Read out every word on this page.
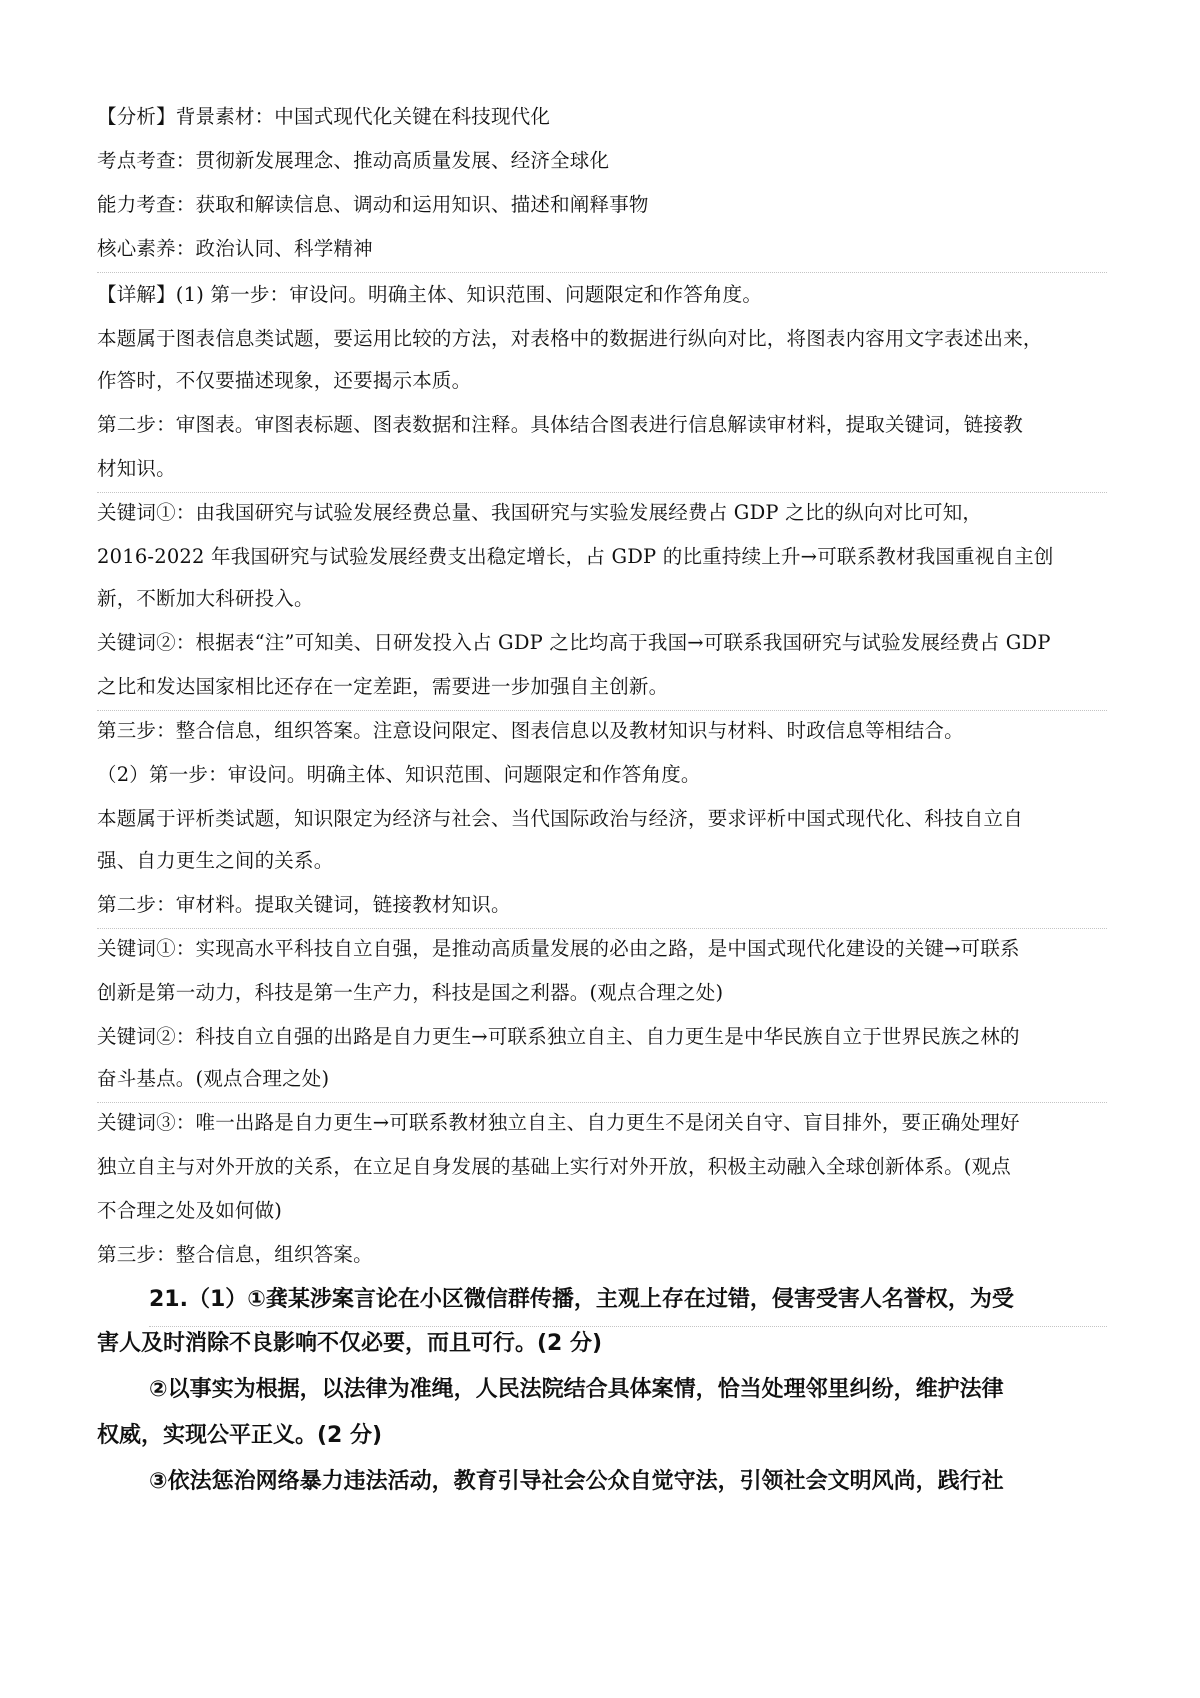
【分析】背景素材：中国式现代化关键在科技现代化
考点考查：贯彻新发展理念、推动高质量发展、经济全球化
能力考查：获取和解读信息、调动和运用知识、描述和阐释事物
核心素养：政治认同、科学精神
【详解】(1) 第一步：审设问。明确主体、知识范围、问题限定和作答角度。
本题属于图表信息类试题，要运用比较的方法，对表格中的数据进行纵向对比，将图表内容用文字表述出来，
作答时，不仅要描述现象，还要揭示本质。
第二步：审图表。审图表标题、图表数据和注释。具体结合图表进行信息解读审材料，提取关键词，链接教
材知识。
关键词①：由我国研究与试验发展经费总量、我国研究与实验发展经费占 GDP 之比的纵向对比可知，
2016-2022 年我国研究与试验发展经费支出稳定增长，占 GDP 的比重持续上升→可联系教材我国重视自主创
新，不断加大科研投入。
关键词②：根据表“注”可知美、日研发投入占 GDP 之比均高于我国→可联系我国研究与试验发展经费占 GDP
之比和发达国家相比还存在一定差距，需要进一步加强自主创新。
第三步：整合信息，组织答案。注意设问限定、图表信息以及教材知识与材料、时政信息等相结合。
（2）第一步：审设问。明确主体、知识范围、问题限定和作答角度。
本题属于评析类试题，知识限定为经济与社会、当代国际政治与经济，要求评析中国式现代化、科技自立自
强、自力更生之间的关系。
第二步：审材料。提取关键词，链接教材知识。
关键词①：实现高水平科技自立自强，是推动高质量发展的必由之路，是中国式现代化建设的关键→可联系
创新是第一动力，科技是第一生产力，科技是国之利器。(观点合理之处)
关键词②：科技自立自强的出路是自力更生→可联系独立自主、自力更生是中华民族自立于世界民族之林的
奋斗基点。(观点合理之处)
关键词③：唯一出路是自力更生→可联系教材独立自主、自力更生不是闭关自守、盲目排外，要正确处理好
独立自主与对外开放的关系，在立足自身发展的基础上实行对外开放，积极主动融入全球创新体系。(观点
不合理之处及如何做)
第三步：整合信息，组织答案。
21.（1）①龚某涉案言论在小区微信群传播，主观上存在过错，侵害受害人名誉权，为受
害人及时消除不良影响不仅必要，而且可行。(2 分)
②以事实为根据，以法律为准绳，人民法院结合具体案情，恰当处理邻里纠纷，维护法律
权威，实现公平正义。(2 分)
③依法惩治网络暴力违法活动，教育引导社会公众自觉守法，引领社会文明风尚，践行社
